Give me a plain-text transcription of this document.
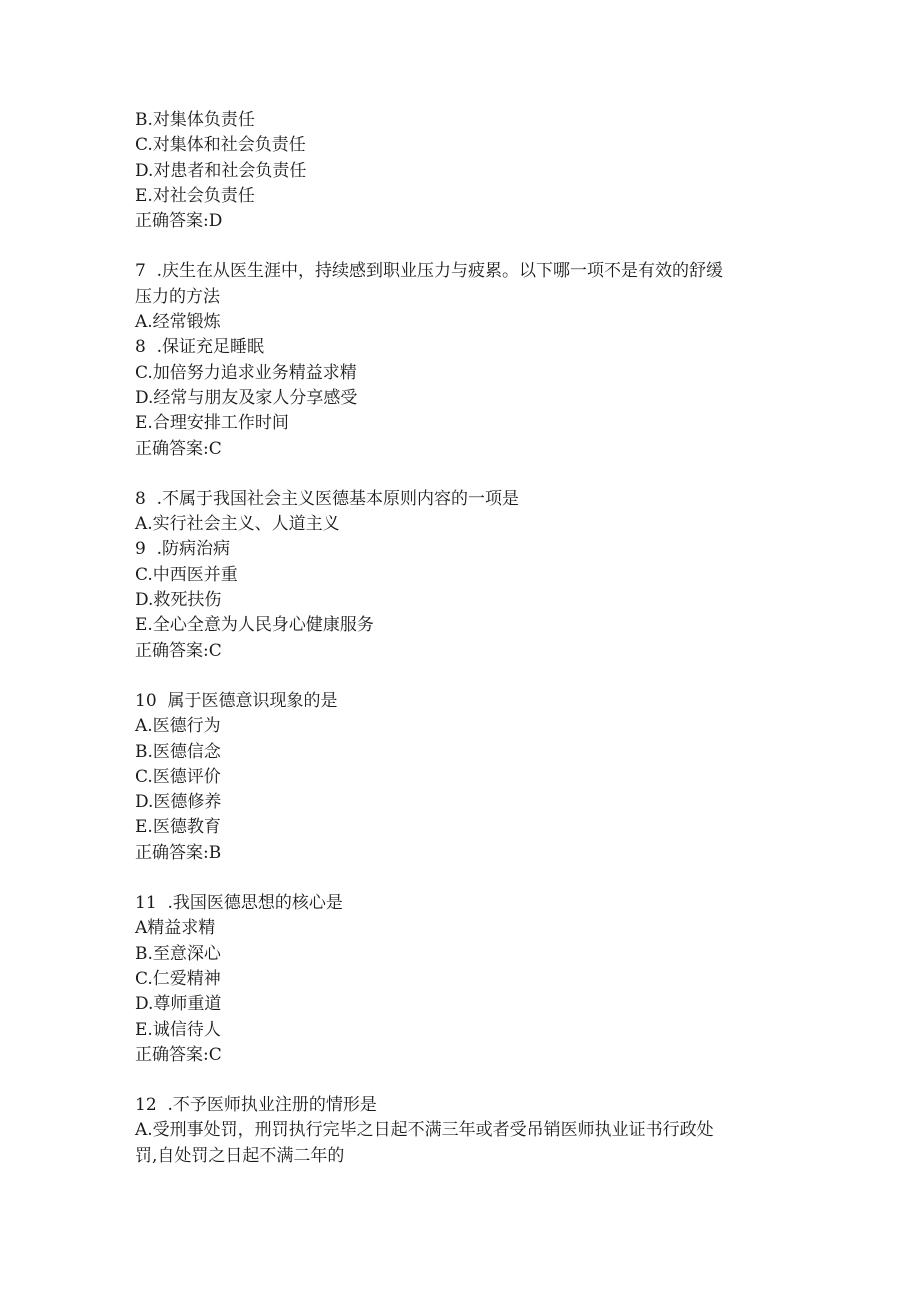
B.对集体负责任
C.对集体和社会负责任
D.对患者和社会负责任
E.对社会负责任
正确答案:D
7  .庆生在从医生涯中，持续感到职业压力与疲累。以下哪一项不是有效的舒缓
压力的方法
A.经常锻炼
8  .保证充足睡眠
C.加倍努力追求业务精益求精
D.经常与朋友及家人分享感受
E.合理安排工作时间
正确答案:C
8  .不属于我国社会主义医德基本原则内容的一项是
A.实行社会主义、人道主义
9  .防病治病
C.中西医并重
D.救死扶伤
E.全心全意为人民身心健康服务
正确答案:C
10  属于医德意识现象的是
A.医德行为
B.医德信念
C.医德评价
D.医德修养
E.医德教育
正确答案:B
11  .我国医德思想的核心是
A精益求精
B.至意深心
C.仁爱精神
D.尊师重道
E.诚信待人
正确答案:C
12  .不予医师执业注册的情形是
A.受刑事处罚，刑罚执行完毕之日起不满三年或者受吊销医师执业证书行政处
罚,自处罚之日起不满二年的
